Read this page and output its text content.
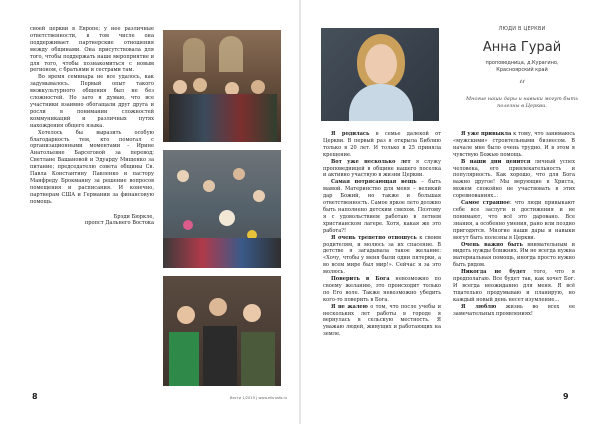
своей церкви в Европе; у нее различные ответственности, в том числе она поддерживает партнерские отношения между общинами. Она присутствовала для того, чтобы поддержать наше мероприятие и для того, чтобы познакомиться с новым регионом, с братьями и сестрами там.

Во время семинара не все удалось, как задумывалось. Первый опыт такого межкультурного общения был не без сложностей. Но зато я думаю, что все участники взаимно обогащали друг друга и росли в понимании сложностей коммуникаций и различных путях нахождения общего языка.

Хотелось бы выразить особую благодарность тем, кто помогал с организационными моментами – Ирине Анатольевне Барсеговой за перевод; Светлане Вашановой и Эдуарду Мищенко за питание; председателю совета общины Св. Павла Константину Павленко и пастору Манфреду Брокманну за решение вопросов помещения и расписания. И конечно, партнерам США и Германии за финансовую помощь.

Брэди Бюркле,
пропст Дальнего Востока
8	Вести 1/2019 | www.elkrusfo.ru
ЛЮДИ В ЦЕРКВИ
Анна Гурай
проповедница, д.Курагино,
Красноярский край
“
Многие наши дары и навыки могут быть полезны в Церкви.

Я родилась в семье далекой от Церкви. В первый раз я открыла Библию только в 20 лет. И только в 25 приняла крещение.

Вот уже несколько лет я служу проповедницей в общине нашего поселка и активно участвую в жизни Церкви.

Самая потрясающая вещь – быть мамой. Материнство для меня – великий дар Божий, но также и большая ответственность. Самое яркое лето должно быть наполнено детским смехом. Поэтому я с удовольствием работаю в летнем христианском лагере. Хотя, какая же это работа?!

Я очень трепетно отношусь к своим родителям, и молюсь за их спасение. В детстве я загадывала такое желание: «Хочу, чтобы у меня были одни пятерки, а во всем мире был мир!». Сейчас я за это молюсь.

Поверить в Бога невозможно по своему желанию, это происходит только по Его воле. Также невозможно убедить кого-то поверить в Бога.

Я не жалею о том, что после учебы и нескольких лет работы в городе я вернулась в сельскую местность. Я уважаю людей, живущих и работающих на земле.

Я уже привыкла к тому, что занимаюсь «мужскими» строительными бизнесом. В начале мне было очень трудно. И в этом я чувствую Божью помощь.

В наши дни ценится личный успех человека, его привлекательность и популярность. Как хорошо, что для Бога важно другое! Мы верующие в Христа, можем спокойно не участвовать в этих соревнованиях...

Самое странное: что люди привыкают себе все заслуги и достижения и не понимают, что всё это даровано. Все знания, а особенно умения, рано или поздно пригодятся. Многие наши дары и навыки могут быть полезны в Церкви.

Очень важно быть внимательным и видеть нужды ближних. Им не всегда нужна материальная помощь, иногда просто нужно быть рядом.

Никогда не будет того, что я предполагаю. Все будет так, как хочет Бог. И всегда неожиданно для меня. Я всё тщательно продумываю и планирую, но каждый новый день несет изумление...

Я люблю жизнь во всех ее замечательных проявлениях!

9
